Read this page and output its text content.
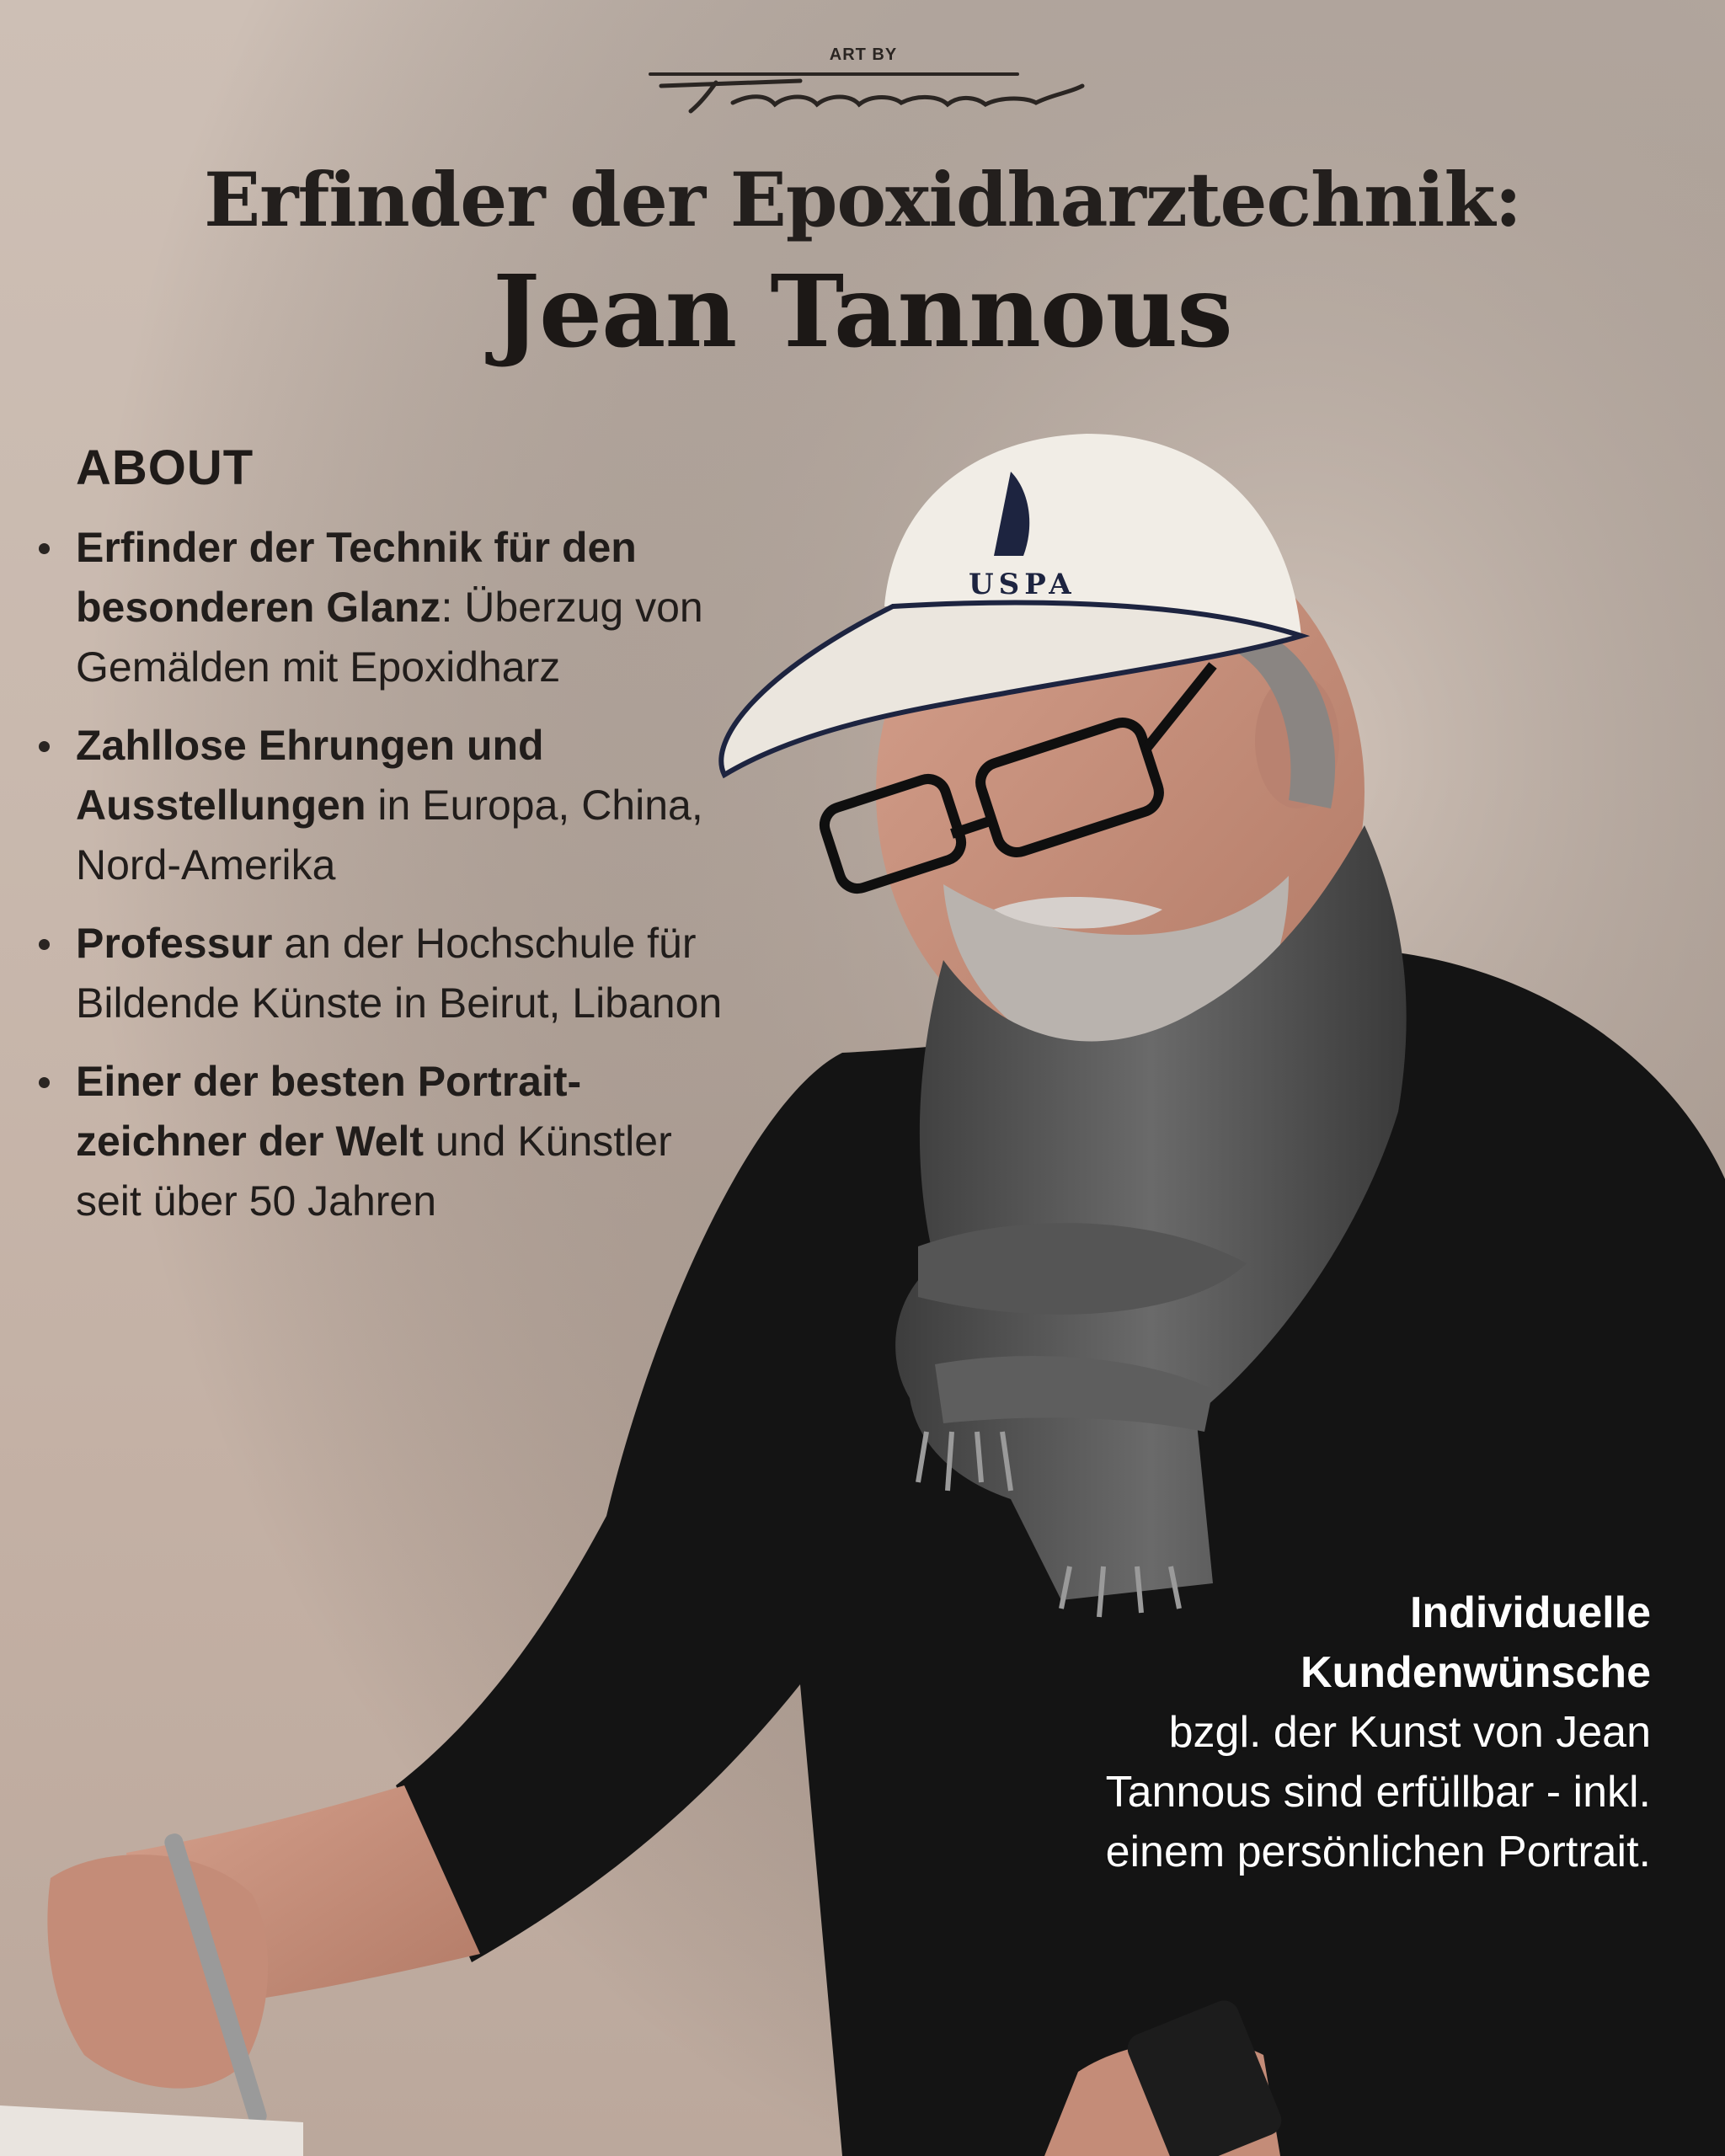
USPA
ART BY
Erfinder der Epoxidharztechnik:
Jean Tannous
ABOUT
Erfinder der Technik für den besonderen Glanz: Überzug von Gemälden mit Epoxidharz
Zahllose Ehrungen und Ausstellungen in Europa, China, Nord-Amerika
Professur an der Hochschule für Bildende Künste in Beirut, Libanon
Einer der besten Portrait-zeichner der Welt und Künstler seit über 50 Jahren
Individuelle Kundenwünsche
bzgl. der Kunst von Jean Tannous sind erfüllbar - inkl. einem persönlichen Portrait.
